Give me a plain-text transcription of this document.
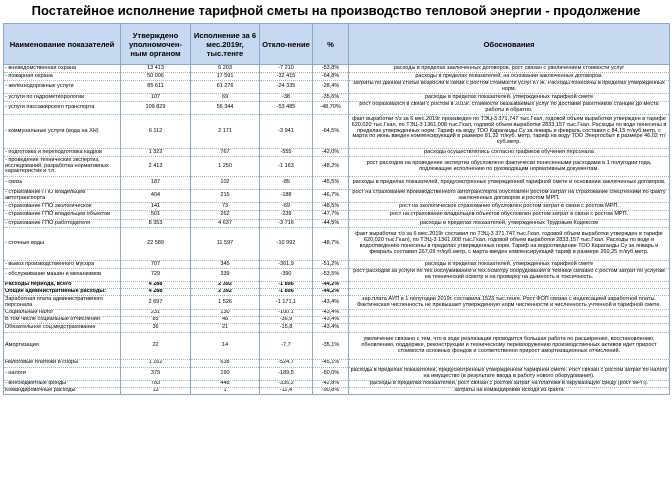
Постатейное исполнение тарифной сметы на производство тепловой энергии - продолжение
Наименование показателей	Утверждено уполномочен-ным органом	Исполнение за 6 мес.2019г, тыс.тенге	Откло-нение	%	Обоснования
- вневедомственная охрана	13 413	6 203	-7 210	-53,8%	расходы в пределах заключенных договоров, рост связан с увеличением стоимости услуг
- пожарная охрана	50 006	17 591	-32 415	-64,8%	расходы в пределах показателей, на основании заключенных договоров.
- железнодорожные услуги	85 611	61 276	-24 335	-28,4%	затраты по данной статье возросли в связи с ростом стоимости услуг КТЖ. Расходы понесены в пределах утвержденных норм.
- услуги по гидрометеорологии	107	69	-38	-35,6%	расходы в пределах показателей, утвержденных тарифной смете
- услуги пассажирского транспорта	109 829	56 344	-53 485	-48,70%	рост образовался в связи с ростом в 2019г. стоимости оказываемых услуг по доставке работников станций до места работы и обратно.
- коммунальные услуги (вода на ХН)	6 112	2 171	-3 941	-64,5%	факт выработки т/э за 6 мес.2019г произведен по ТЭЦ-3 371,747 тыс.Гкал, годовой объем выработки утвержден в тарифе 620,020 тыс.Гкал, по ТЭЦ-3 1361,008 тыс.Гкал, годовой объем выработки 2833,157 тыс.Гкал. Расходы по воде понесены в пределах утвержденных норм. Тариф на воду ТОО Караганды Су за январь и февраль составил с 84,15 тг/куб.метр, с марта по июнь введен компенсирующий в размере 81,32 тг/куб. метр, тариф на воду ТОО Энергосбыт в размере 46,02 тг/куб.метр.
- подготовка и переподготовка кадров	1 322	767	-555	-42,0%	расходы осуществлялись согласно графиков обучения персонала
- проведение технических экспертиз, исследований, разработка нормативных характеристик и т.п.	2 413	1 250	-1 163	-48,2%	рост расходов на проведение экспертиз обусловлено фактически понесенными расходами в 1 полугодии года, подлежащие исполнению по руководящим нормативным документам.
- связь	187	102	-85	-45,5%	расходы в пределах показателей, предусмотренных утвержденной тарифной смете и основании заключенных договоров.
- страхование ГПО владельцев автотранспорта	404	215	-188	-46,7%	рост на страхование производственного автотранспорта обусловлен ростом затрат на страхование спецтехники по факту заключенных договоров и ростом МРП.
- страхование ГПО экологическое	141	73	-69	-48,5%	рост на экологическое страхование обусловлен ростом затрат в связи с ростом МРП.
- страхование ГПО владельцев объектов	501	262	-239	-47,7%	рост на страхование владельцев объектов обусловлен ростом затрат в связи с ростом МРП.
- страхование ГПО работодателя	8 353	4 637	-3 716	-44,5%	расходы в пределах показателей, утвержденных Трудовым Кодексом
- сточные воды	22 589	11 597	-10 992	-48,7%	факт выработки т/э за 6 мес.2019г составил по ТЭЦ-3 371,747 тыс.Гкал, годовой объем выработки утвержден в тарифе 620,020 тыс.Гкал), по ТЭЦ-3 1361,008 тыс.Гкал, годовой объем выработки 2833,157 тыс.Гкал. Расходы по воде и водоотведению понесены в пределах утвержденных норм. Тариф на водоотведение ТОО Караганды Су за январь и февраль составил 267,09 тг/куб.метр, с марта введен компенсирующий тариф в размере 260,25 тг/куб.метр.
- вывоз производственного мусора	707	345	-361,9	-51,2%	расходы в пределах показателей, утвержденных тарифной смете
- обслуживание машин и механизмов	729	339	-390	-53,5%	рост расходов за услуги по тех.обслуживанию и тех.осмотру оборудования и техники связано с ростом затрат по услугам на технический осмотр и на проверку на дымность и токсичность.
Расходы периода, всего	4 288	2 392	-1 896	-44,2%	
Общие административные расходы:	4 288	2 392	-1 896	-44,2%	
Заработная плата административного персонала	2 697	1 526	-1 171,1	-43,4%	зар.плата АУП в 1 полугодии 2019г. составила 1523 тыс.тенге. Рост ФОП связан с индексацией заработной платы. Фактическая численность не превышает утвержденную норм численности и численность учтенной в тарифной смете.
Социальный налог	231	130	-100,1	-43,4%	
В том числе социальные отчисления	85	48	-36,9	-43,4%	
Обязательное соц.медстрахование	36	21	-15,8	-43,4%	
Амортизация	22	14	-7,7	-35,1%	увеличение связано с тем, что в ходе реализации проводится большая работа по расширению, восстановлению, обновлению, поддержке, реконструкции и техническому перевооружению производственных активов идет прирост стоимости основных фондов и соответственно прирост амортизационных отчислений.
Налоговые платежи и сборы	1 162	638	-524,7	-45,1%	
- налоги	379	190	-189,5	-50,0%	расходы в пределах показателей, предусмотренных утвержденной тарифной смете. Рост связан с ростом затрат по налогу на имущество (в результате ввода в работу нового оборудования).
- внебюджетные фонды	783	448	-335,2	-42,8%	расходы в пределах показателей, рост связан с ростом затрат на платежи в окружающую среду (рост МРП).
Командировочные расходы	13	1	-11,4	-90,8%	затраты на командировки исходя из факта
